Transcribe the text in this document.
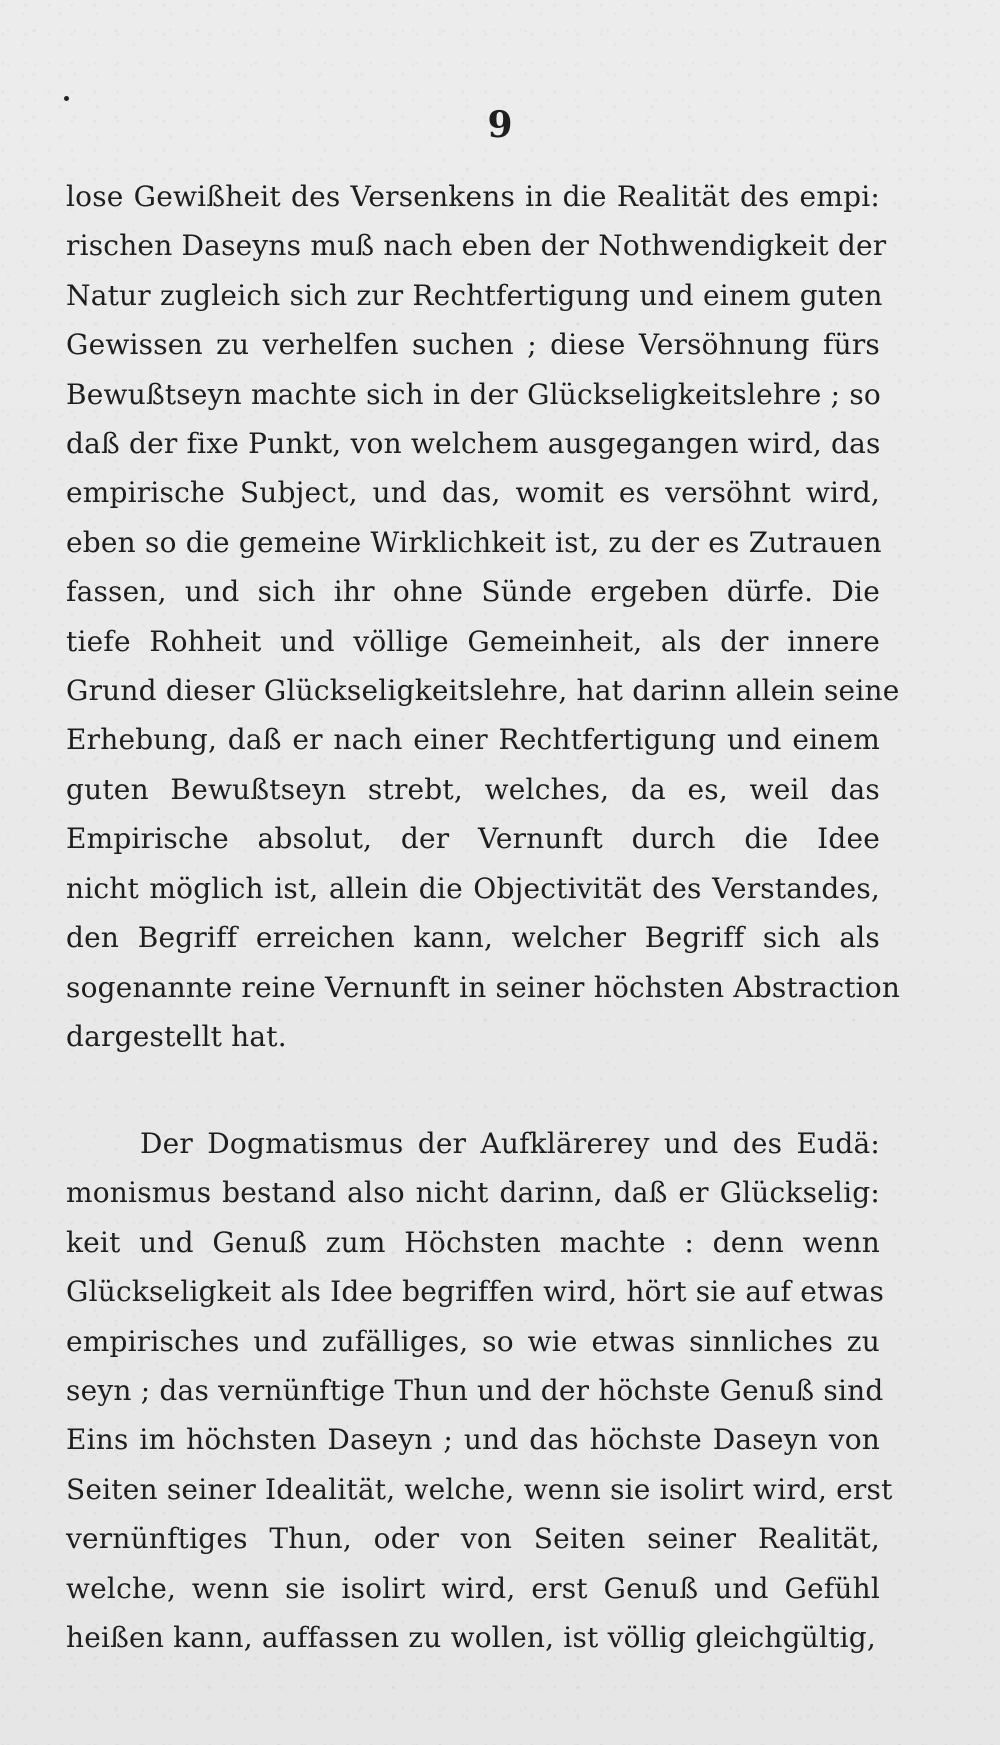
9
lose Gewißheit des Versenkens in die Realität des empi:
rischen Daseyns muß nach eben der Nothwendigkeit der
Natur zugleich sich zur Rechtfertigung und einem guten
Gewissen zu verhelfen suchen ; diese Versöhnung fürs
Bewußtseyn machte sich in der Glückseligkeitslehre ; so
daß der fixe Punkt, von welchem ausgegangen wird, das
empirische Subject, und das, womit es versöhnt wird,
eben so die gemeine Wirklichkeit ist, zu der es Zutrauen
fassen, und sich ihr ohne Sünde ergeben dürfe. Die
tiefe Rohheit und völlige Gemeinheit, als der innere
Grund dieser Glückseligkeitslehre, hat darinn allein seine
Erhebung, daß er nach einer Rechtfertigung und einem
guten Bewußtseyn strebt, welches, da es, weil das
Empirische absolut, der Vernunft durch die Idee
nicht möglich ist, allein die Objectivität des Verstandes,
den Begriff erreichen kann, welcher Begriff sich als
sogenannte reine Vernunft in seiner höchsten Abstraction
dargestellt hat.
Der Dogmatismus der Aufklärerey und des Eudä:
monismus bestand also nicht darinn, daß er Glückselig:
keit und Genuß zum Höchsten machte : denn wenn
Glückseligkeit als Idee begriffen wird, hört sie auf etwas
empirisches und zufälliges, so wie etwas sinnliches zu
seyn ; das vernünftige Thun und der höchste Genuß sind
Eins im höchsten Daseyn ; und das höchste Daseyn von
Seiten seiner Idealität, welche, wenn sie isolirt wird, erst
vernünftiges Thun, oder von Seiten seiner Realität,
welche, wenn sie isolirt wird, erst Genuß und Gefühl
heißen kann, auffassen zu wollen, ist völlig gleichgültig,
